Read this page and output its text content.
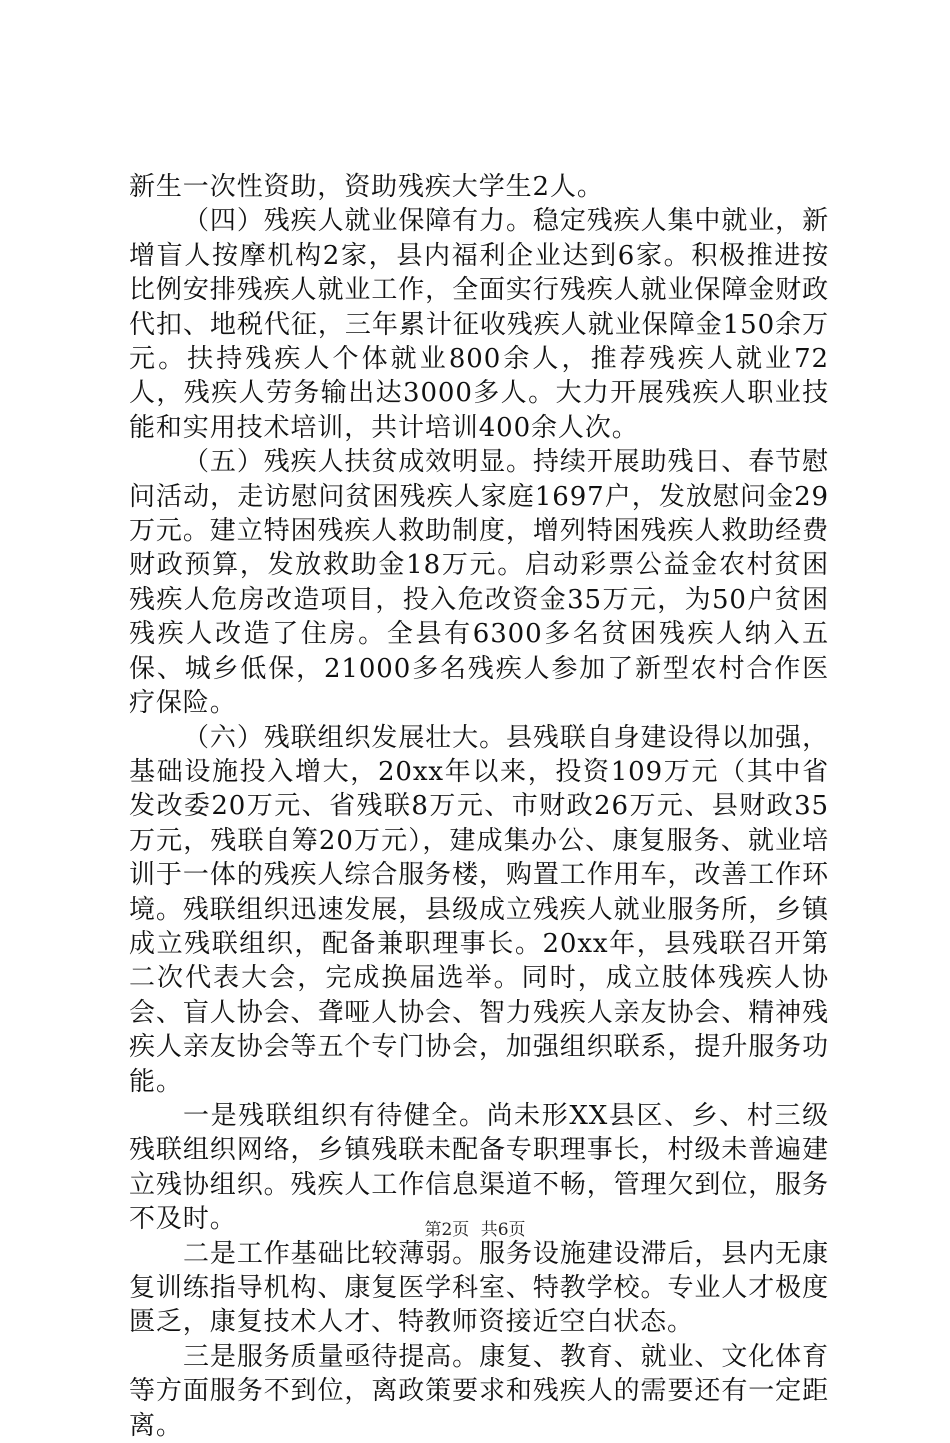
新生一次性资助，资助残疾大学生2人。

（四）残疾人就业保障有力。稳定残疾人集中就业，新增盲人按摩机构2家，县内福利企业达到6家。积极推进按比例安排残疾人就业工作，全面实行残疾人就业保障金财政代扣、地税代征，三年累计征收残疾人就业保障金150余万元。扶持残疾人个体就业800余人，推荐残疾人就业72人，残疾人劳务输出达3000多人。大力开展残疾人职业技能和实用技术培训，共计培训400余人次。

（五）残疾人扶贫成效明显。持续开展助残日、春节慰问活动，走访慰问贫困残疾人家庭1697户，发放慰问金29万元。建立特困残疾人救助制度，增列特困残疾人救助经费财政预算，发放救助金18万元。启动彩票公益金农村贫困残疾人危房改造项目，投入危改资金35万元，为50户贫困残疾人改造了住房。全县有6300多名贫困残疾人纳入五保、城乡低保，21000多名残疾人参加了新型农村合作医疗保险。

（六）残联组织发展壮大。县残联自身建设得以加强，基础设施投入增大，20xx年以来，投资109万元（其中省发改委20万元、省残联8万元、市财政26万元、县财政35万元，残联自筹20万元），建成集办公、康复服务、就业培训于一体的残疾人综合服务楼，购置工作用车，改善工作环境。残联组织迅速发展，县级成立残疾人就业服务所，乡镇成立残联组织，配备兼职理事长。20xx年，县残联召开第二次代表大会，完成换届选举。同时，成立肢体残疾人协会、盲人协会、聋哑人协会、智力残疾人亲友协会、精神残疾人亲友协会等五个专门协会，加强组织联系，提升服务功能。

一是残联组织有待健全。尚未形XX县区、乡、村三级残联组织网络，乡镇残联未配备专职理事长，村级未普遍建立残协组织。残疾人工作信息渠道不畅，管理欠到位，服务不及时。

二是工作基础比较薄弱。服务设施建设滞后，县内无康复训练指导机构、康复医学科室、特教学校。专业人才极度匮乏，康复技术人才、特教师资接近空白状态。

三是服务质量亟待提高。康复、教育、就业、文化体育等方面服务不到位，离政策要求和残疾人的需要还有一定距离。

第2页 共6页
